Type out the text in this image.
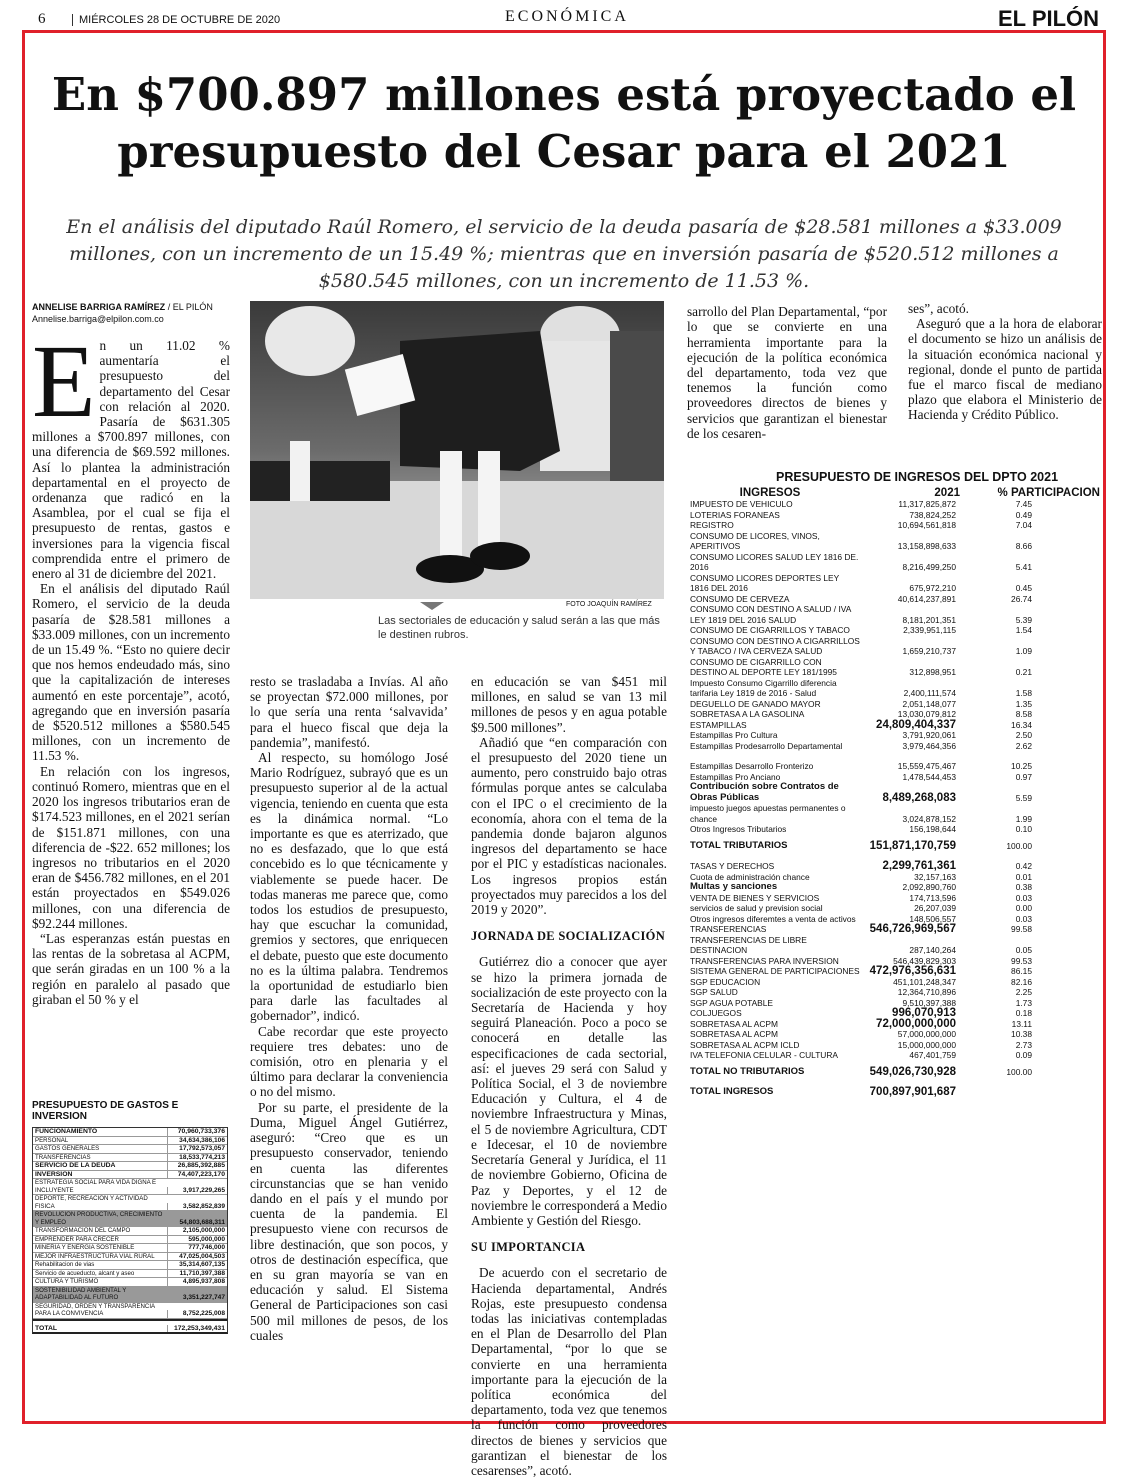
6	MIÉRCOLES 28 DE OCTUBRE DE 2020	ECONÓMICA	EL PILÓN
En $700.897 millones está proyectado el presupuesto del Cesar para el 2021
En el análisis del diputado Raúl Romero, el servicio de la deuda pasaría de $28.581 millones a $33.009 millones, con un incremento de un 15.49 %; mientras que en inversión pasaría de $520.512 millones a $580.545 millones, con un incremento de 11.53 %.
ANNELISE BARRIGA RAMÍREZ / EL PILÓN
Annelise.barriga@elpilon.com.co
E n un 11.02 % aumentaría el presupuesto del departamento del Cesar con relación al 2020. Pasaría de $631.305 millones a $700.897 millones, con una diferencia de $69.592 millones. Así lo plantea la administración departamental en el proyecto de ordenanza que radicó en la Asamblea, por el cual se fija el presupuesto de rentas, gastos e inversiones para la vigencia fiscal comprendida entre el primero de enero al 31 de diciembre del 2021.

En el análisis del diputado Raúl Romero, el servicio de la deuda pasaría de $28.581 millones a $33.009 millones, con un incremento de un 15.49 %. “Esto no quiere decir que nos hemos endeudado más, sino que la capitalización de intereses aumentó en este porcentaje”, acotó, agregando que en inversión pasaría de $520.512 millones a $580.545 millones, con un incremento de 11.53 %.

En relación con los ingresos, continuó Romero, mientras que en el 2020 los ingresos tributarios eran de $174.523 millones, en el 2021 serían de $151.871 millones, con una diferencia de -$22. 652 millones; los ingresos no tributarios en el 2020 eran de $456.782 millones, en el 201 están proyectados en $549.026 millones, con una diferencia de $92.244 millones.

“Las esperanzas están puestas en las rentas de la sobretasa al ACPM, que serán giradas en un 100 % a la región en paralelo al pasado que giraban el 50 % y el

FOTO JOAQUÍN RAMÍREZ
Las sectoriales de educación y salud serán a las que más le destinen rubros.

resto se trasladaba a Invías. Al año se proyectan $72.000 millones, por lo que sería una renta ‘salvavida’ para el hueco fiscal que deja la pandemia”, manifestó.

Al respecto, su homólogo José Mario Rodríguez, subrayó que es un presupuesto superior al de la actual vigencia, teniendo en cuenta que esta es la dinámica normal. “Lo importante es que es aterrizado, que no es desfazado, que lo que está concebido es lo que técnicamente y viablemente se puede hacer. De todas maneras me parece que, como todos los estudios de presupuesto, hay que escuchar la comunidad, gremios y sectores, que enriquecen el debate, puesto que este documento no es la última palabra. Tendremos la oportunidad de estudiarlo bien para darle las facultades al gobernador”, indicó.

Cabe recordar que este proyecto requiere tres debates: uno de comisión, otro en plenaria y el último para declarar la conveniencia o no del mismo.

Por su parte, el presidente de la Duma, Miguel Ángel Gutiérrez, aseguró: “Creo que es un presupuesto conservador, teniendo en cuenta las diferentes circunstancias que se han venido dando en el país y el mundo por cuenta de la pandemia. El presupuesto viene con recursos de libre destinación, que son pocos, y otros de destinación específica, que en su gran mayoría se van en educación y salud. El Sistema General de Participaciones son casi 500 mil millones de pesos, de los cuales

en educación se van $451 mil millones, en salud se van 13 mil millones de pesos y en agua potable $9.500 millones”.

Añadió que “en comparación con el presupuesto del 2020 tiene un aumento, pero construido bajo otras fórmulas porque antes se calculaba con el IPC o el crecimiento de la economía, ahora con el tema de la pandemia donde bajaron algunos ingresos del departamento se hace por el PIC y estadísticas nacionales. Los ingresos propios están proyectados muy parecidos a los del 2019 y 2020”.

JORNADA DE SOCIALIZACIÓN

Gutiérrez dio a conocer que ayer se hizo la primera jornada de socialización de este proyecto con la Secretaría de Hacienda y hoy seguirá Planeación. Poco a poco se conocerá en detalle las especificaciones de cada sectorial, así: el jueves 29 será con Salud y Política Social, el 3 de noviembre Educación y Cultura, el 4 de noviembre Infraestructura y Minas, el 5 de noviembre Agricultura, CDT e Idecesar, el 10 de noviembre Secretaría General y Jurídica, el 11 de noviembre Gobierno, Oficina de Paz y Deportes, y el 12 de noviembre le corresponderá a Medio Ambiente y Gestión del Riesgo.

SU IMPORTANCIA

De acuerdo con el secretario de Hacienda departamental, Andrés Rojas, este presupuesto condensa todas las iniciativas contempladas en el Plan de Desarrollo del Plan Departamental, “por lo que se convierte en una herramienta importante para la ejecución de la política económica del departamento, toda vez que tenemos la función como proveedores directos de bienes y servicios que garantizan el bienestar de los cesarenses”, acotó.

sarrollo del Plan Departamental, “por lo que se convierte en una herramienta importante para la ejecución de la política económica del departamento, toda vez que tenemos la función como proveedores directos de bienes y servicios que garantizan el bienestar de los cesaren-

ses”, acotó.

Aseguró que a la hora de elaborar el documento se hizo un análisis de la situación económica nacional y regional, donde el punto de partida fue el marco fiscal de mediano plazo que elabora el Ministerio de Hacienda y Crédito Público.

PRESUPUESTO DE INGRESOS DEL DPTO 2021
INGRESOS	2021	% PARTICIPACION
IMPUESTO DE VEHICULO	11,317,825,872	7.45
LOTERIAS FORANEAS	738,824,252	0.49
REGISTRO	10,694,561,818	7.04
CONSUMO DE LICORES, VINOS, APERITIVOS	13,158,898,633	8.66
CONSUMO LICORES SALUD LEY 1816 DE. 2016	8,216,499,250	5.41
CONSUMO LICORES DEPORTES LEY 1816 DEL 2016	675,972,210	0.45
CONSUMO DE CERVEZA	40,614,237,891	26.74
CONSUMO CON DESTINO A SALUD / IVA LEY 1819 DEL 2016 SALUD	8,181,201,351	5.39
CONSUMO DE CIGARRILLOS Y TABACO	2,339,951,115	1.54
CONSUMO CON DESTINO A CIGARRILLOS Y TABACO / IVA CERVEZA SALUD	1,659,210,737	1.09
CONSUMO DE CIGARRILLO CON DESTINO AL DEPORTE LEY 181/1995	312,898,951	0.21
Impuesto Consumo Cigarrillo diferencia tarifaria Ley 1819 de 2016 - Salud	2,400,111,574	1.58
DEGUELLO DE GANADO MAYOR	2,051,148,077	1.35
SOBRETASA A LA GASOLINA	13,030,079,812	8.58
ESTAMPILLAS	24,809,404,337	16.34
Estampillas Pro Cultura	3,791,920,061	2.50
Estampillas Prodesarrollo Departamental	3,979,464,356	2.62
Estampillas Desarrollo Fronterizo	15,559,475,467	10.25
Estampillas Pro Anciano	1,478,544,453	0.97
Contribución sobre Contratos de Obras Públicas	8,489,268,083	5.59
impuesto juegos apuestas permanentes o chance	3,024,878,152	1.99
Otros Ingresos Tributarios	156,198,644	0.10
TOTAL TRIBUTARIOS	151,871,170,759	100.00
TASAS Y DERECHOS	2,299,761,361	0.42
Cuota de administración chance	32,157,163	0.01
Multas y sanciones	2,092,890,760	0.38
VENTA DE BIENES Y SERVICIOS	174,713,596	0.03
servicios de salud y prevision social	26,207,039	0.00
Otros ingresos diferemtes a venta de activos	148,506,557	0.03
TRANSFERENCIAS	546,726,969,567	99.58
TRANSFERENCIAS DE LIBRE DESTINACION	287,140,264	0.05
TRANSFERENCIAS PARA INVERSION	546,439,829,303	99.53
SISTEMA GENERAL DE PARTICIPACIONES 472,976,356,631	86.15
SGP EDUCACION	451,101,248,347	82.16
SGP SALUD	12,364,710,896	2.25
SGP AGUA POTABLE	9,510,397,388	1.73
COLJUEGOS	996,070,913	0.18
SOBRETASA AL ACPM	72,000,000,000	13.11
SOBRETASA AL ACPM	57,000,000,000	10.38
SOBRETASA AL ACPM ICLD	15,000,000,000	2.73
IVA TELEFONIA CELULAR - CULTURA	467,401,759	0.09
TOTAL NO TRIBUTARIOS	549,026,730,928	100.00
TOTAL INGRESOS	700,897,901,687
PRESUPUESTO DE GASTOS E INVERSION
FUNCIONAMIENTO	70,960,733,376
PERSONAL	34,634,386,106
GASTOS GENERALES	17,792,573,057
TRANSFERENCIAS	18,533,774,213
SERVICIO DE LA DEUDA	26,885,392,885
INVERSION	74,407,223,170
ESTRATEGIA SOCIAL PARA VIDA DIGNA E INCLUYENTE	3,917,229,265
DEPORTE, RECREACION Y ACTIVIDAD FISICA	3,582,852,839
REVOLUCION PRODUCTIVA, CRECIMIENTO Y EMPLEO	54,803,688,311
TRANSFORMACION DEL CAMPO	2,105,000,000
EMPRENDER PARA CRECER	595,000,000
MINERIA Y ENERGIA SOSTENIBLE	777,746,000
MEJOR INFRAESTRUCTURA VIAL RURAL	47,025,004,503
Rehabilitacion de vias	35,314,607,135
Servicio de acueducto, alcant y aseo	11,710,397,388
CULTURA Y TURISMO	4,895,937,808
SOSTENIBILIDAD AMBIENTAL Y ADAPTABILIDAD AL FUTURO	3,351,227,747
SEGURIDAD, ORDEN Y TRANSPARENCIA PARA LA CONVIVENCIA	8,752,225,008
TOTAL	172,253,349,431
